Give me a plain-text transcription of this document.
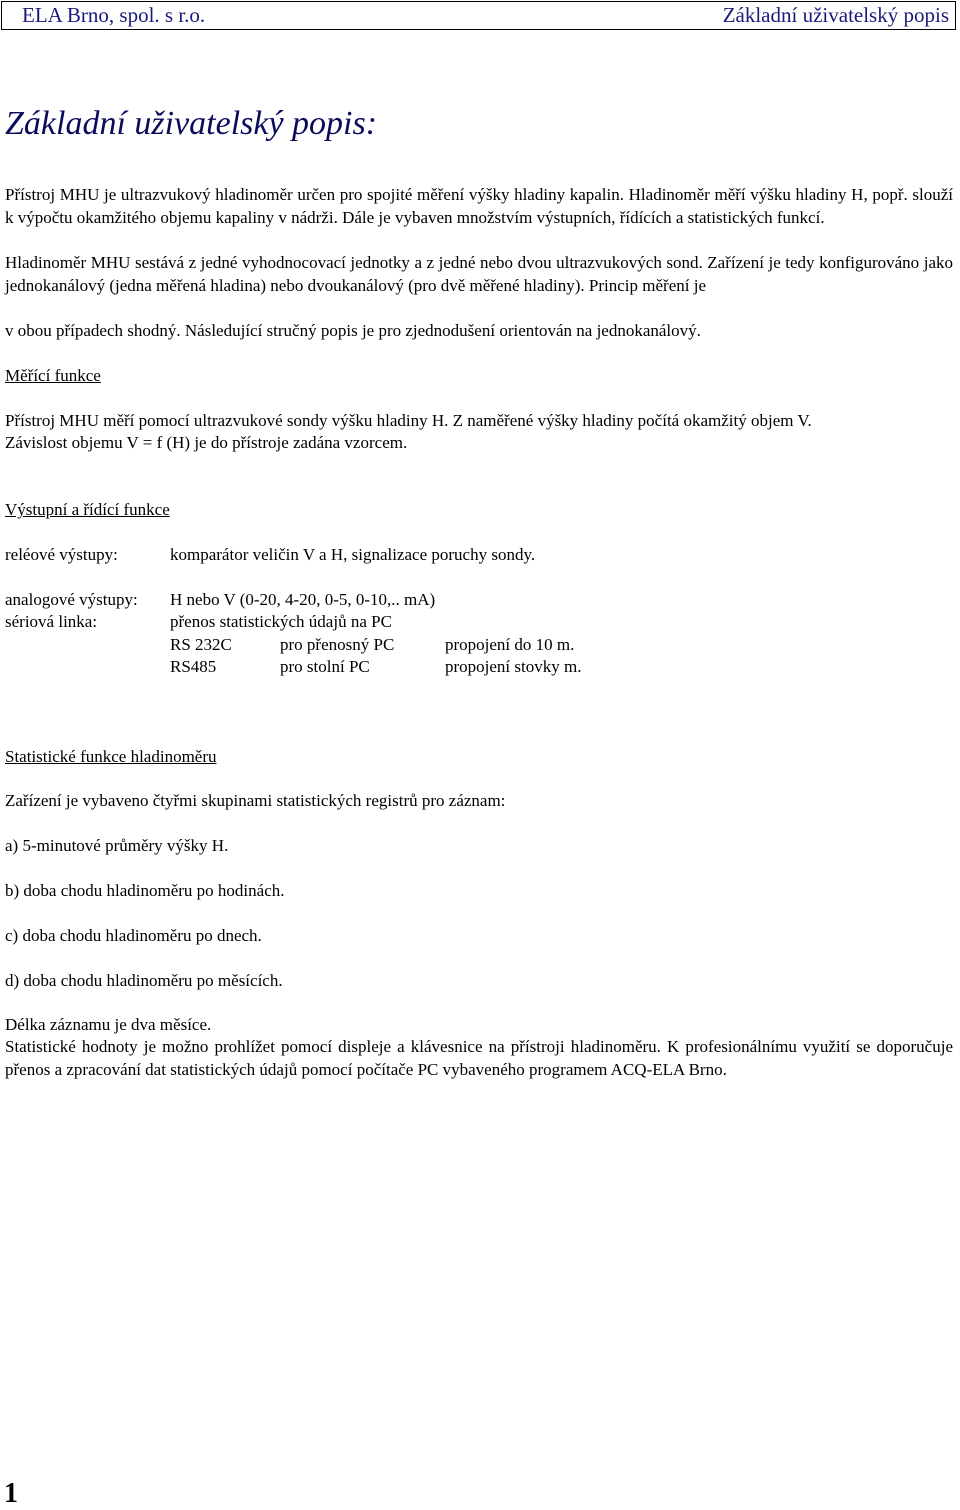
ELA Brno, spol. s r.o.	Základní uživatelský popis
Základní uživatelský popis:
Přístroj MHU je ultrazvukový hladinoměr určen pro spojité měření výšky hladiny kapalin. Hladinoměr měří výšku hladiny H, popř. slouží k výpočtu okamžitého objemu kapaliny v nádrži. Dále je vybaven množstvím výstupních, řídících a statistických funkcí.
Hladinoměr MHU sestává z jedné vyhodnocovací jednotky a z jedné nebo dvou ultrazvukových sond. Zařízení je tedy konfigurováno jako jednokanálový (jedna měřená hladina) nebo dvoukanálový (pro dvě měřené hladiny). Princip měření je
v obou případech shodný. Následující stručný popis je pro zjednodušení orientován na jednokanálový.
Měřící funkce
Přístroj MHU měří pomocí ultrazvukové sondy výšku hladiny H. Z naměřené výšky hladiny počítá okamžitý objem V.
Závislost objemu V = f (H) je do přístroje zadána vzorcem.
Výstupní a řídící funkce
reléové výstupy:	komparátor veličin V a H, signalizace poruchy sondy.
analogové výstupy: H nebo V (0-20, 4-20, 0-5, 0-10,.. mA)
sériová linka:	přenos statistických údajů na PC
RS 232C	pro přenosný PC	propojení do 10 m.
RS485	pro stolní PC	propojení stovky m.
Statistické funkce hladinoměru
Zařízení je vybaveno čtyřmi skupinami statistických registrů pro záznam:
a) 5-minutové průměry výšky H.
b) doba chodu hladinoměru po hodinách.
c) doba chodu hladinoměru po dnech.
d) doba chodu hladinoměru po měsících.
Délka záznamu je dva měsíce.
Statistické hodnoty je možno prohlížet pomocí displeje a klávesnice na přístroji hladinoměru. K profesionálnímu využití se doporučuje přenos a zpracování dat statistických údajů pomocí počítače PC vybaveného programem ACQ-ELA Brno.
1
